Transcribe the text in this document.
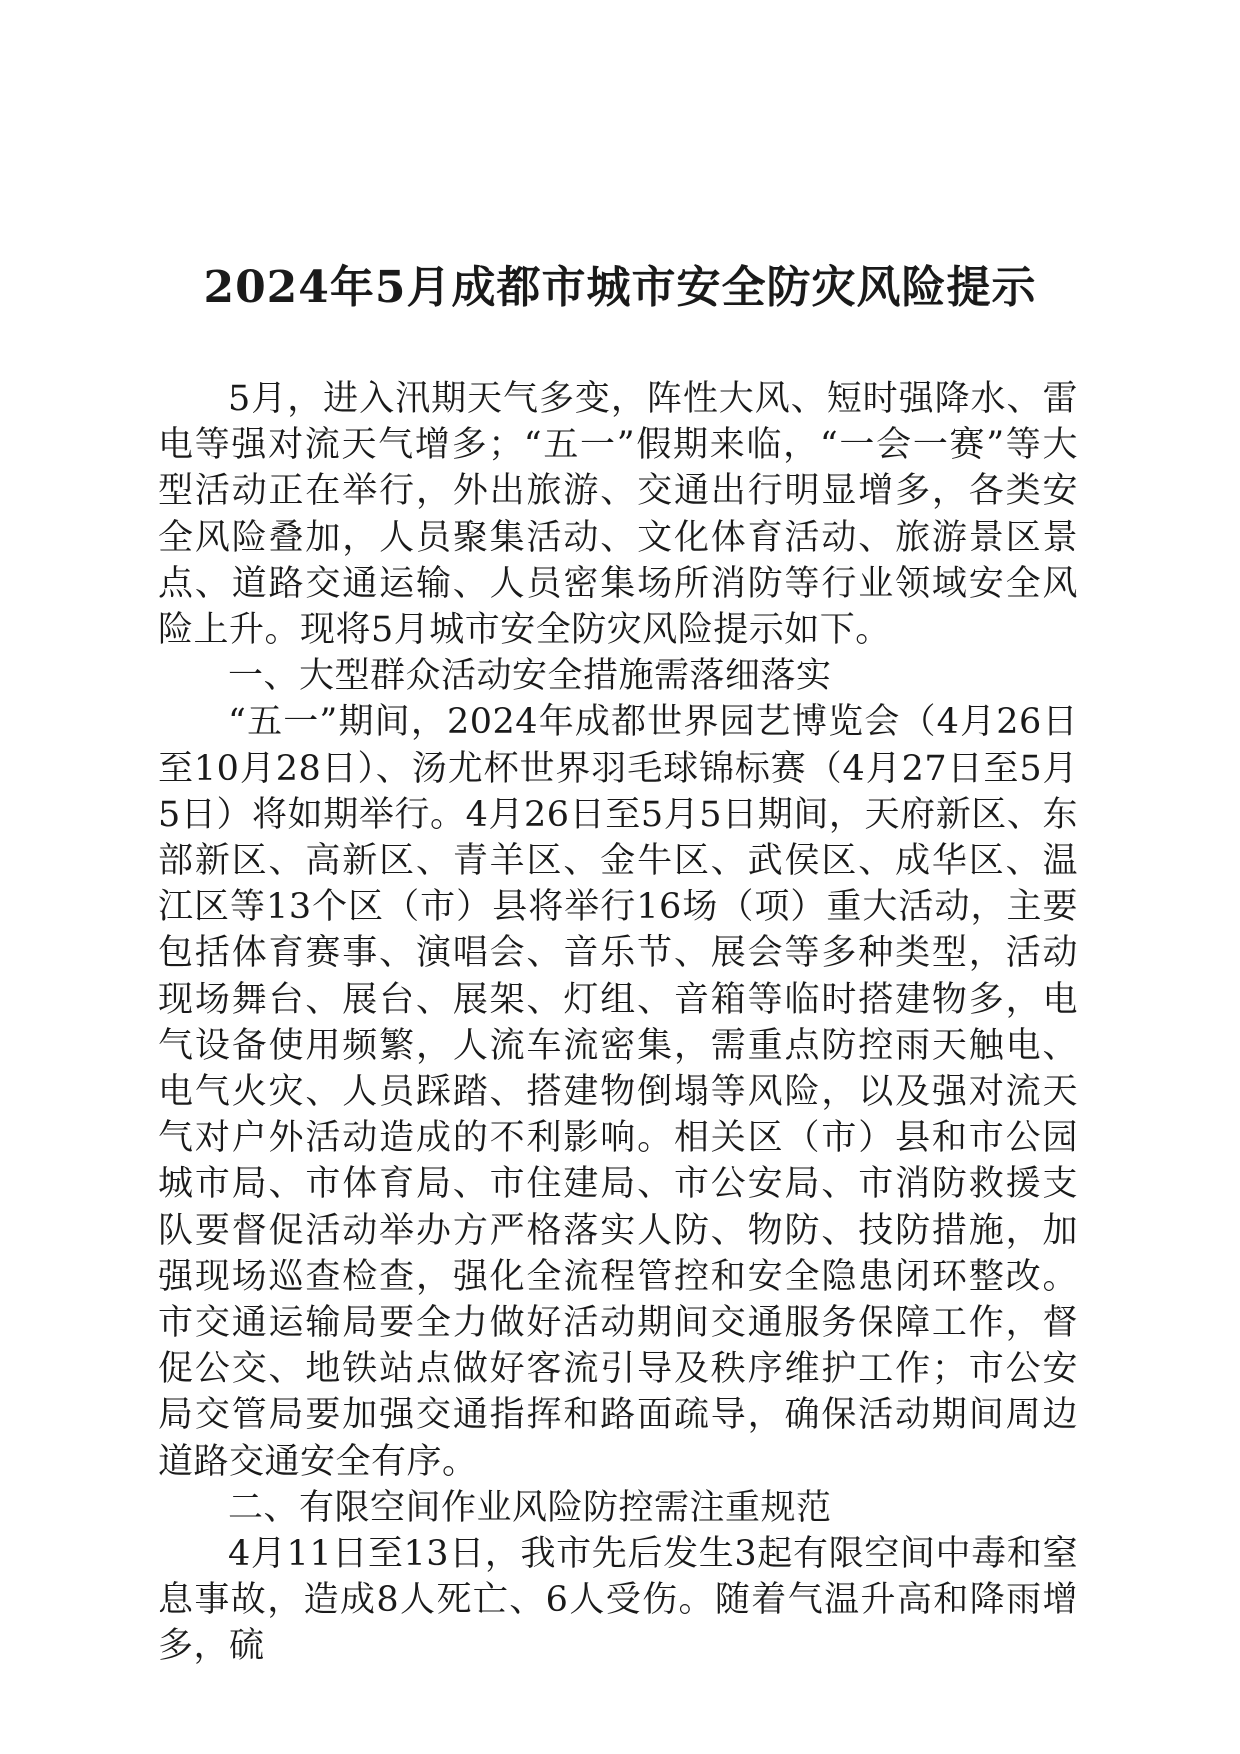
2024年5月成都市城市安全防灾风险提示

5月，进入汛期天气多变，阵性大风、短时强降水、雷电等强对流天气增多；“五一”假期来临，“一会一赛”等大型活动正在举行，外出旅游、交通出行明显增多，各类安全风险叠加，人员聚集活动、文化体育活动、旅游景区景点、道路交通运输、人员密集场所消防等行业领域安全风险上升。现将5月城市安全防灾风险提示如下。

一、大型群众活动安全措施需落细落实

“五一”期间，2024年成都世界园艺博览会（4月26日至10月28日）、汤尤杯世界羽毛球锦标赛（4月27日至5月5日）将如期举行。4月26日至5月5日期间，天府新区、东部新区、高新区、青羊区、金牛区、武侯区、成华区、温江区等13个区（市）县将举行16场（项）重大活动，主要包括体育赛事、演唱会、音乐节、展会等多种类型，活动现场舞台、展台、展架、灯组、音箱等临时搭建物多，电气设备使用频繁，人流车流密集，需重点防控雨天触电、电气火灾、人员踩踏、搭建物倒塌等风险，以及强对流天气对户外活动造成的不利影响。相关区（市）县和市公园城市局、市体育局、市住建局、市公安局、市消防救援支队要督促活动举办方严格落实人防、物防、技防措施，加强现场巡查检查，强化全流程管控和安全隐患闭环整改。市交通运输局要全力做好活动期间交通服务保障工作，督促公交、地铁站点做好客流引导及秩序维护工作；市公安局交管局要加强交通指挥和路面疏导，确保活动期间周边道路交通安全有序。

二、有限空间作业风险防控需注重规范

4月11日至13日，我市先后发生3起有限空间中毒和窒息事故，造成8人死亡、6人受伤。随着气温升高和降雨增多，硫
